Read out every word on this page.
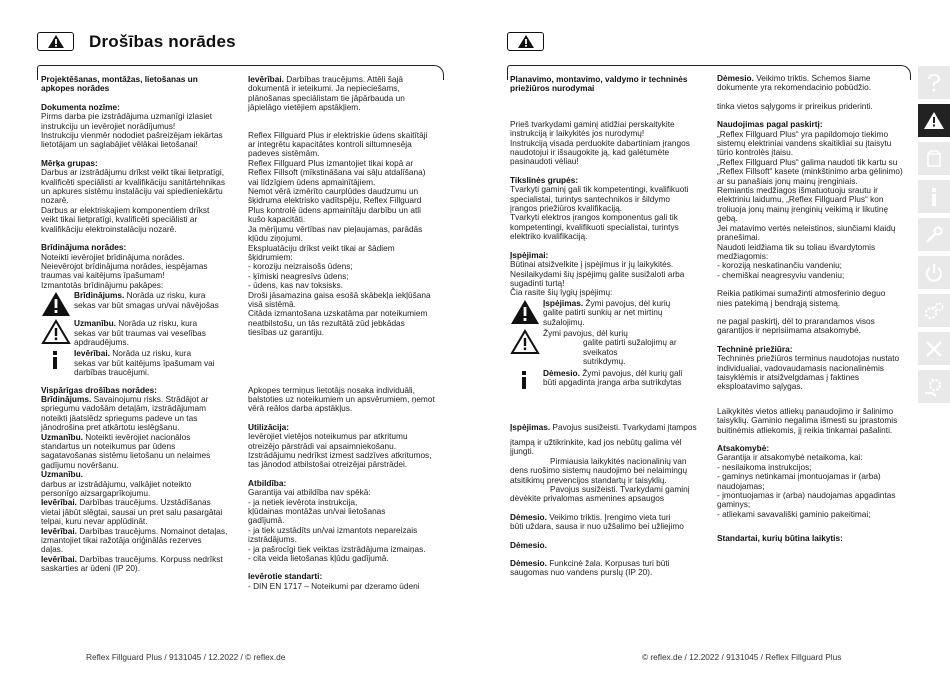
Drošības norādes
Projektēšanas, montāžas, lietošanas un
apkopes norādes
Dokumenta nozīme:
Pirms darba pie izstrādājuma uzmanīgi izlasiet
instrukciju un ievērojiet norādījumus!
Instrukciju vienmēr nododiet pašreizējam iekārtas
lietotājam un saglabājiet vēlākai lietošanai!
Mērķa grupas:
Darbus ar izstrādājumu drīkst veikt tikai lietpratīgi,
kvalificēti speciālisti ar kvalifikāciju sanitārtehnikas
un apkures sistēmu instalāciju vai spiedieniekārtu
nozarē.
Darbus ar elektriskajiem komponentiem drīkst
veikt tikai lietpratīgi, kvalificēti speciālisti ar
kvalifikāciju elektroinstalāciju nozarē.
Brīdinājuma norādes:
Noteikti ievērojiet brīdinājuma norādes.
Neievērojot brīdinājuma norādes, iespējamas
traumas vai kaitējums īpašumam!
Izmantotās brīdinājumu pakāpes:
Brīdinājums. Norāda uz risku, kura
sekas var būt smagas un/vai nāvējošas
Uzmanību. Norāda uz risku, kura
sekas var būt traumas vai veselības
apdraudējums.
Ievērībai. Norāda uz risku, kura
sekas var būt kaitējums īpašumam vai
darbības traucējumi.
Vispārīgas drošības norādes:
Brīdinājums. Savainojumu risks. Strādājot ar
spriegumu vadošām detaļām, izstrādājumam
noteikti jāatslēdz spriegums padeve un tas
jānodrošina pret atkārtotu ieslēgšanu.
Uzmanību. Noteikti ievērojiet nacionālos
standartus un noteikumus par ūdens
sagatavošanas sistēmu lietošanu un nelaimes
gadījumu novēršanu.
Uzmanību.
darbus ar izstrādājumu, valkājiet noteikto
personīgo aizsargaprīkojumu.
Ievērībai. Darbības traucējums. Uzstādīšanas
vietai jābūt slēgtai, sausai un pret salu pasargātai
telpai, kuru nevar applūdināt.
Ievērībai. Darbības traucējums. Nomainot detaļas,
izmantojiet tikai ražotāja oriģinālās rezerves
daļas.
Ievērībai. Darbības traucējums. Korpuss nedrīkst
saskarties ar ūdeni (IP 20).
Ievērībai. Darbības traucējums. Attēli šajā
dokumentā ir ieteikumi. Ja nepieciešams,
plānošanas speciālistam tie jāpārbauda un
jāpielāgo vietējiem apstākļiem.
Reflex Fillguard Plus ir elektriskie ūdens skaitītāji
ar integrētu kapacitātes kontroli siltumnesēja
padeves sistēmām.
Reflex Fillguard Plus izmantojiet tikai kopā ar
Reflex Fillsoft (mīkstināšana vai sāļu atdalīšana)
vai līdzīgiem ūdens apmainītājiem.
Nemot vērā izmērīto caurplūdes daudzumu un
šķidruma elektrisko vadītspēju, Reflex Fillguard
Plus kontrolē ūdens apmainītāju darbību un atli
kušo kapacitāti.
Ja mērījumu vērtības nav pieļaujamas, parādās
kļūdu ziņojumi.
Ekspluatāciju drīkst veikt tikai ar šādiem
šķidrumiem:
- koroziju neizraisošs ūdens;
- ķīmiski neagresīvs ūdens;
- ūdens, kas nav toksisks.
Droši jāsamazina gaisa esošā skābekļa iekļūšana
visā sistēmā.
Citāda izmantošana uzskatāma par noteikumiem
neatbilstošu, un tās rezultātā zūd jebkādas
tiesības uz garantiju.
Apkopes termiņus lietotājs nosaka individuāli,
balstoties uz noteikumiem un apsvērumiem, ņemot
vērā reālos darba apstākļus.
Utilizācija:
Ievērojiet vietējos noteikumus par atkritumu
otreizējo pārstrādi vai apsaimniekošanu.
Izstrādājumu nedrīkst izmest sadzīves atkritumos,
tas jānodod atbilstošai otreizējai pārstrādei.
Atbildība:
Garantija vai atbildība nav spēkā:
- ja netiek ievērota instrukcija,
kļūdainas montāžas un/vai lietošanas
gadījumā.
- ja tiek uzstādīts un/vai izmantots nepareizais
izstrādājums.
- ja pašrocīgi tiek veiktas izstrādājuma izmaiņas.
- cita veida lietošanas kļūdu gadījumā.
Ievērotie standarti:
- DIN EN 1717 – Noteikumi par dzeramo ūdeni
Reflex Fillguard Plus / 9131045 / 12.2022 / © reflex.de
Planavimo, montavimo, valdymo ir techninės
priežiūros nurodymai
Prieš tvarkydami gaminį atidžiai perskaitykite
instrukciją ir laikykitės jos nurodymų!
Instrukciją visada perduokite dabartiniam įrangos
naudotojui ir išsaugokite ją, kad galėtumėte
pasinaudoti vėliau!
Tikslinės grupės:
Tvarkyti gaminį gali tik kompetentingi, kvalifikuoti
specialistai, turintys santechnikos ir šildymo
įrangos priežiūros kvalifikaciją.
Tvarkyti elektros įrangos komponentus gali tik
kompetentingi, kvalifikuoti specialistai, turintys
elektriko kvalifikaciją.
Įspėjimai:
Būtinai atsižvelkite į įspėjimus ir jų laikykitės.
Nesilaikydami šių įspėjimų galite susižaloti arba
sugadinti turtą!
Čia rasite šių lygių įspėjimų:
Įspėjimas. Žymi pavojus, dėl kurių
galite patirti sunkių ar net mirtinų
sužalojimų.
Žymi pavojus, dėl kurių
galite patirti sužalojimų ar sveikatos
sutrikdymų.
Dėmesio. Žymi pavojus, dėl kurių gali
būti apgadinta įranga arba sutrikdytas
Įspėjimas. Pavojus susižeisti. Tvarkydami įtampos
įtampą ir užtikrinkite, kad jos nebūtų galima vėl
įjungti.
Pirmiausia laikykitės nacionalinių van
dens ruošimo sistemų naudojimo bei nelaimingų
atsitikimų prevencijos standartų ir taisyklių.
Pavojus susižeisti. Tvarkydami gaminį
dėvėkite privalomas asmenines apsaugos
Dėmesio. Veikimo triktis. Įrengimo vieta turi
būti uždara, sausa ir nuo užšalimo bei užliejimo
Dėmesio.
Dėmesio. Funkcinė žala. Korpusas turi būti
saugomas nuo vandens purslų (IP 20).
Dėmesio. Veikimo triktis. Schemos šiame
dokumente yra rekomendacinio pobūdžio.
tinka vietos sąlygoms ir prireikus priderinti.
Naudojimas pagal paskirtį:
„Reflex Fillguard Plus“ yra papildomojo tiekimo
sistemų elektriniai vandens skaitikliai su įtaisytu
tūrio kontrolės įtaisu.
„Reflex Fillguard Plus“ galima naudoti tik kartu su
„Reflex Fillsoft“ kasete (minkštinimo arba gėlinimo)
ar su panašiais jonų mainų įrenginiais.
Remiantis medžiagos išmatuotuoju srautu ir
elektriniu laidumu, „Reflex Fillguard Plus“ kon
troliuoja jonų mainų įrenginių veikimą ir likutinę
gebą.
Jei matavimo vertės neleistinos, siunčiami klaidų
pranešimai.
Naudoti leidžiama tik su toliau išvardytomis
medžiagomis:
- koroziją neskatinančiu vandeniu;
- chemiškai neagresyviu vandeniu;
Reikia patikimai sumažinti atmosferinio deguo
nies patekimą į bendrąją sistemą.
ne pagal paskirtį, dėl to prarandamos visos
garantijos ir neprisiimama atsakomybė.
Techninė priežiūra:
Techninės priežiūros terminus naudotojas nustato
individualiai, vadovaudamasis nacionalinėmis
taisyklėmis ir atsižvelgdamas į faktines
eksploatavimo sąlygas.
Laikykitės vietos atliekų panaudojimo ir šalinimo
taisyklių. Gaminio negalima išmesti su įprastomis
buitinėmis atliekomis, jį reikia tinkamai pašalinti.
Atsakomybė:
Garantija ir atsakomybė netaikoma, kai:
- nesilaikoma instrukcijos;
- gaminys netinkamai įmontuojamas ir (arba)
naudojamas;
- įmontuojamas ir (arba) naudojamas apgadintas
gaminys;
- atliekami savavališki gaminio pakeitimai;
Standartai, kurių būtina laikytis:
© reflex.de / 12.2022 / 9131045 / Reflex Fillguard Plus
